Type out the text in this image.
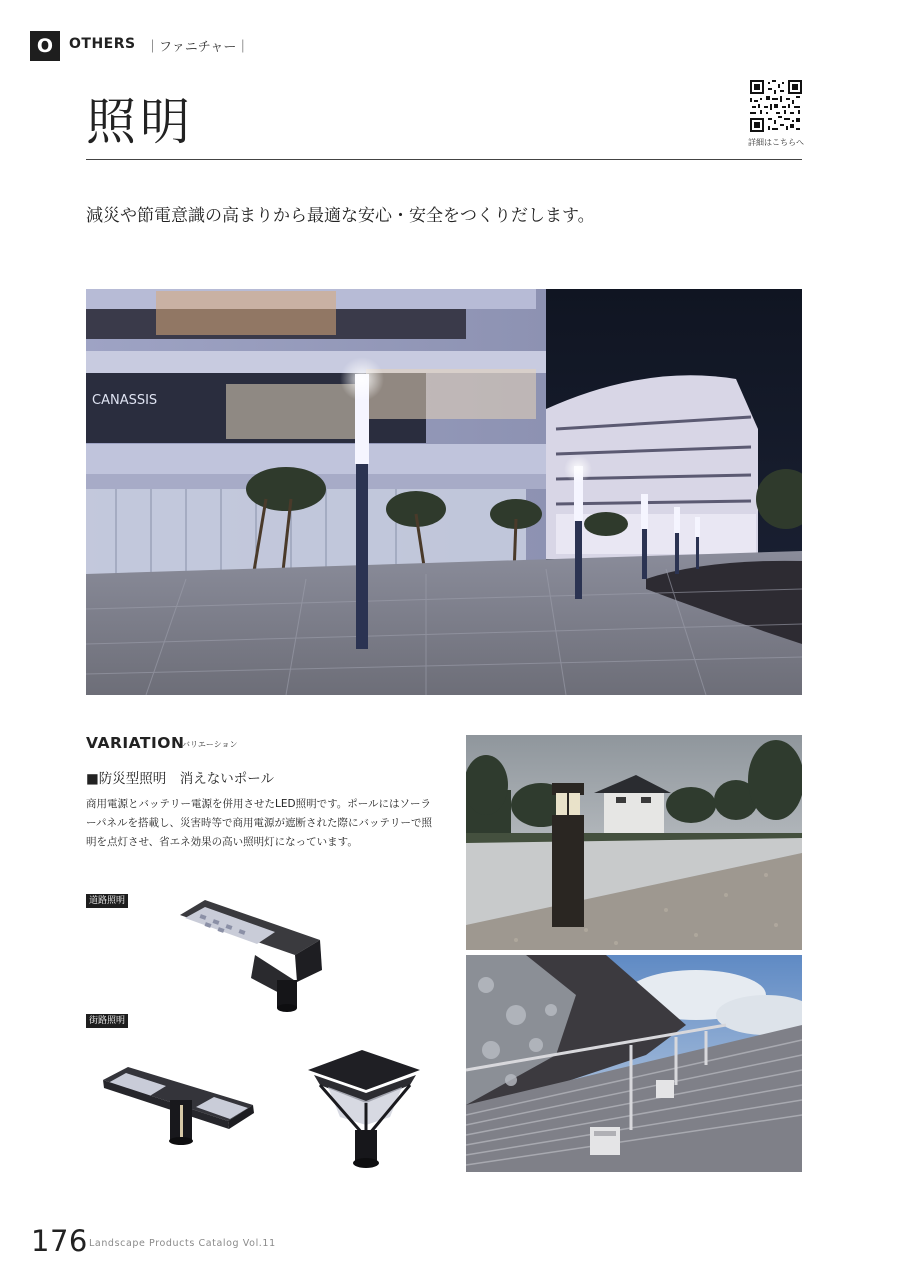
O	OTHERS ｜ファニチャー｜
照明	詳細はこちらへ

減災や節電意識の高まりから最適な安心・安全をつくりだします。

CANASSIS
VARIATION
バリエーション
■防災型照明　消えないポール

商用電源とバッテリー電源を併用させたLED照明です。ポールにはソーラーパネルを搭載し、災害時等で商用電源が遮断された際にバッテリーで照明を点灯させ、省エネ効果の高い照明灯になっています。

道路照明
街路照明
176 Landscape Products Catalog Vol.11
